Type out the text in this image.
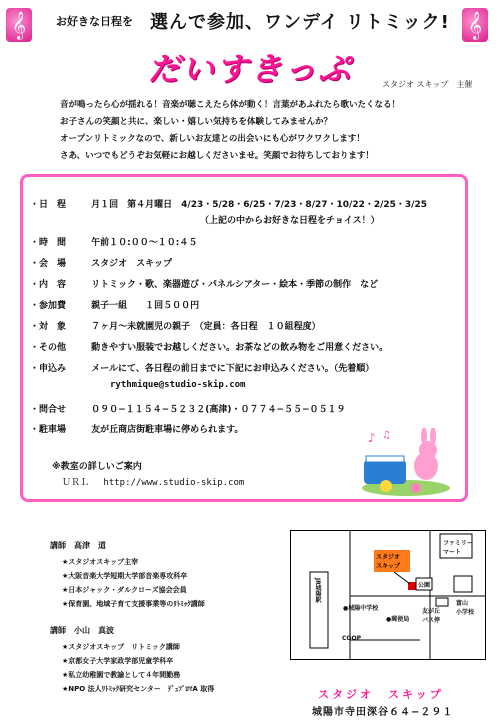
𝄞	𝄞
お好きな日程を 選んで参加、ワンデイ リトミック!
だいすきっぷ	スタジオ スキップ　主催
音が鳴ったら心が揺れる！音楽が聴こえたら体が動く！言葉があふれたら歌いたくなる！
お子さんの笑顔と共に、楽しい・嬉しい気持ちを体験してみませんか？
オープンリトミックなので、新しいお友達との出会いにも心がワクワクします！
さあ、いつでもどうぞお気軽にお越しくださいませ。笑顔でお待ちしております！
・日　程	月１回　第４月曜日　4/23・5/28・6/25・7/23・8/27・10/22・2/25・3/25
（上記の中からお好きな日程をチョイス！）
・時　間	午前１０:００〜１０:４５
・会　場	スタジオ　スキップ
・内　容	リトミック・歌、楽器遊び・パネルシアター・絵本・季節の制作　など
・参加費	親子一組　　１回５００円
・対　象	７ヶ月〜未就園児の親子　（定員：各日程　１０組程度）
・その他	動きやすい服装でお越しください。お茶などの飲み物をご用意ください。
・申込み	メールにて、各日程の前日までに下記にお申込みください。（先着順）
rythmique@studio-skip.com
・問合せ	０９０−１１５４−５２３２(高津)・０７７４−５５−０５１９
・駐車場	友が丘商店街駐車場に停められます。
※教室の詳しいご案内
ＵＲＬ　 http://www.studio-skip.com
♪ ♫
講師　高津　道
★スタジオスキップ主宰
★大阪音楽大学短期大学部音楽専攻科卒
★日本ジャック・ダルクローズ協会会員
★保育園、地域子育て支援事業等のﾘﾄﾐｯｸ講師
講師　小山　真波
★スタジオスキップ　リトミック講師
★京都女子大学家政学部児童学科卒
★私立幼稚園で教諭として４年間勤務
★NPO 法人ﾘﾄﾐｯｸ研究センター　ﾃﾞｭﾌﾟﾛﾏA 取得
スタジオ
スキップ
ファミリー
マート
JR城陽駅
●城陽中学校
●郵便局
COOP
公園
友が丘
バス停
富山
小学校
スタジオ　スキップ
城陽市寺田深谷６４−２９１
